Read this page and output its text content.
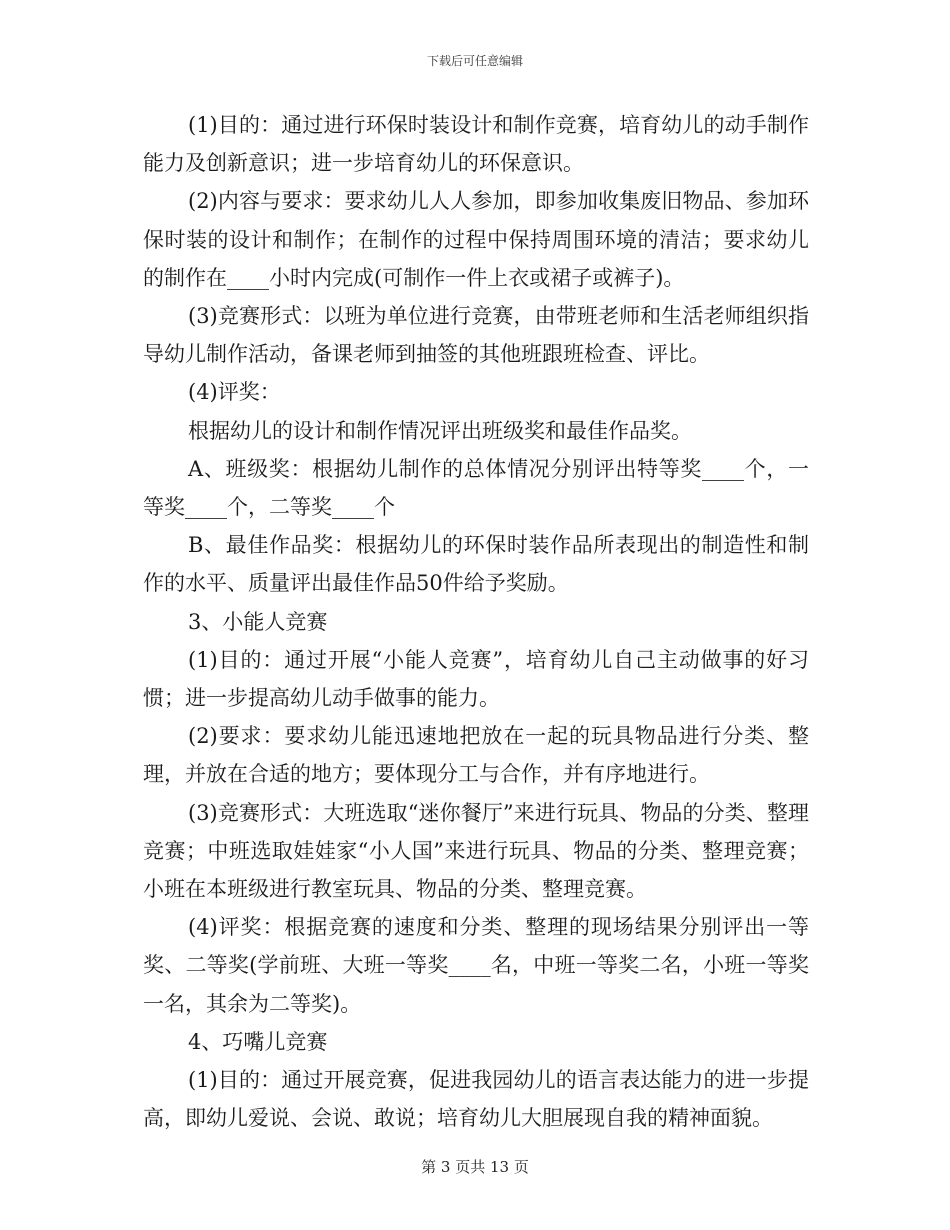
下载后可任意编辑

(1)目的：通过进行环保时装设计和制作竞赛，培育幼儿的动手制作能力及创新意识；进一步培育幼儿的环保意识。

(2)内容与要求：要求幼儿人人参加，即参加收集废旧物品、参加环保时装的设计和制作；在制作的过程中保持周围环境的清洁；要求幼儿的制作在____小时内完成(可制作一件上衣或裙子或裤子)。

(3)竞赛形式：以班为单位进行竞赛，由带班老师和生活老师组织指导幼儿制作活动，备课老师到抽签的其他班跟班检查、评比。

(4)评奖：

根据幼儿的设计和制作情况评出班级奖和最佳作品奖。

A、班级奖：根据幼儿制作的总体情况分别评出特等奖____个，一等奖____个，二等奖____个

B、最佳作品奖：根据幼儿的环保时装作品所表现出的制造性和制作的水平、质量评出最佳作品50件给予奖励。

3、小能人竞赛

(1)目的：通过开展“小能人竞赛”，培育幼儿自己主动做事的好习惯；进一步提高幼儿动手做事的能力。

(2)要求：要求幼儿能迅速地把放在一起的玩具物品进行分类、整理，并放在合适的地方；要体现分工与合作，并有序地进行。

(3)竞赛形式：大班选取“迷你餐厅”来进行玩具、物品的分类、整理竞赛；中班选取娃娃家“小人国”来进行玩具、物品的分类、整理竞赛；小班在本班级进行教室玩具、物品的分类、整理竞赛。

(4)评奖：根据竞赛的速度和分类、整理的现场结果分别评出一等奖、二等奖(学前班、大班一等奖____名，中班一等奖二名，小班一等奖一名，其余为二等奖)。

4、巧嘴儿竞赛

(1)目的：通过开展竞赛，促进我园幼儿的语言表达能力的进一步提高，即幼儿爱说、会说、敢说；培育幼儿大胆展现自我的精神面貌。

第 3 页共 13 页
